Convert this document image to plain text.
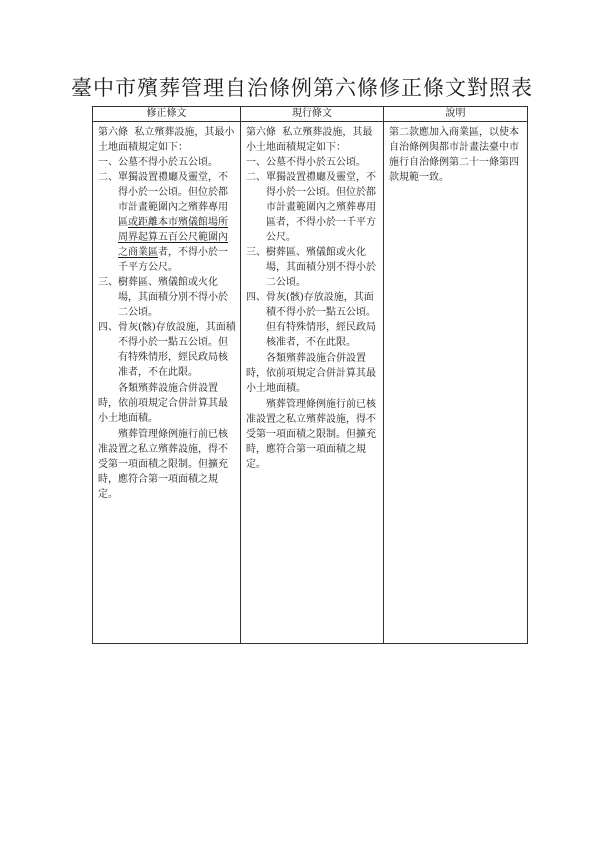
臺中市殯葬管理自治條例第六條修正條文對照表
修正條文
第六條 私立殯葬設施，其最小土地面積規定如下：
一、 公墓不得小於五公頃。
二、 單獨設置禮廳及靈堂，不得小於一公頃。但位於都市計畫範圍內之殯葬專用區或距離本市殯儀館場所周界起算五百公尺範圍內之商業區者，不得小於一千平方公尺。
三、 樹葬區、殯儀館或火化場，其面積分別不得小於二公頃。
四、 骨灰(骸)存放設施，其面積不得小於一點五公頃。但有特殊情形，經民政局核准者，不在此限。
各類殯葬設施合併設置時，依前項規定合併計算其最小土地面積。
殯葬管理條例施行前已核准設置之私立殯葬設施，得不受第一項面積之限制。但擴充時，應符合第一項面積之規定。
現行條文
第六條 私立殯葬設施，其最小土地面積規定如下：
一、 公墓不得小於五公頃。
二、 單獨設置禮廳及靈堂，不得小於一公頃。但位於都市計畫範圍內之殯葬專用區者，不得小於一千平方公尺。
三、 樹葬區、殯儀館或火化場，其面積分別不得小於二公頃。
四、 骨灰(骸)存放設施，其面積不得小於一點五公頃。但有特殊情形，經民政局核准者，不在此限。
各類殯葬設施合併設置時，依前項規定合併計算其最小土地面積。
殯葬管理條例施行前已核准設置之私立殯葬設施，得不受第一項面積之限制。但擴充時，應符合第一項面積之規定。
說明
第二款應加入商業區，以使本自治條例與都市計畫法臺中市施行自治條例第二十一條第四款規範一致。
